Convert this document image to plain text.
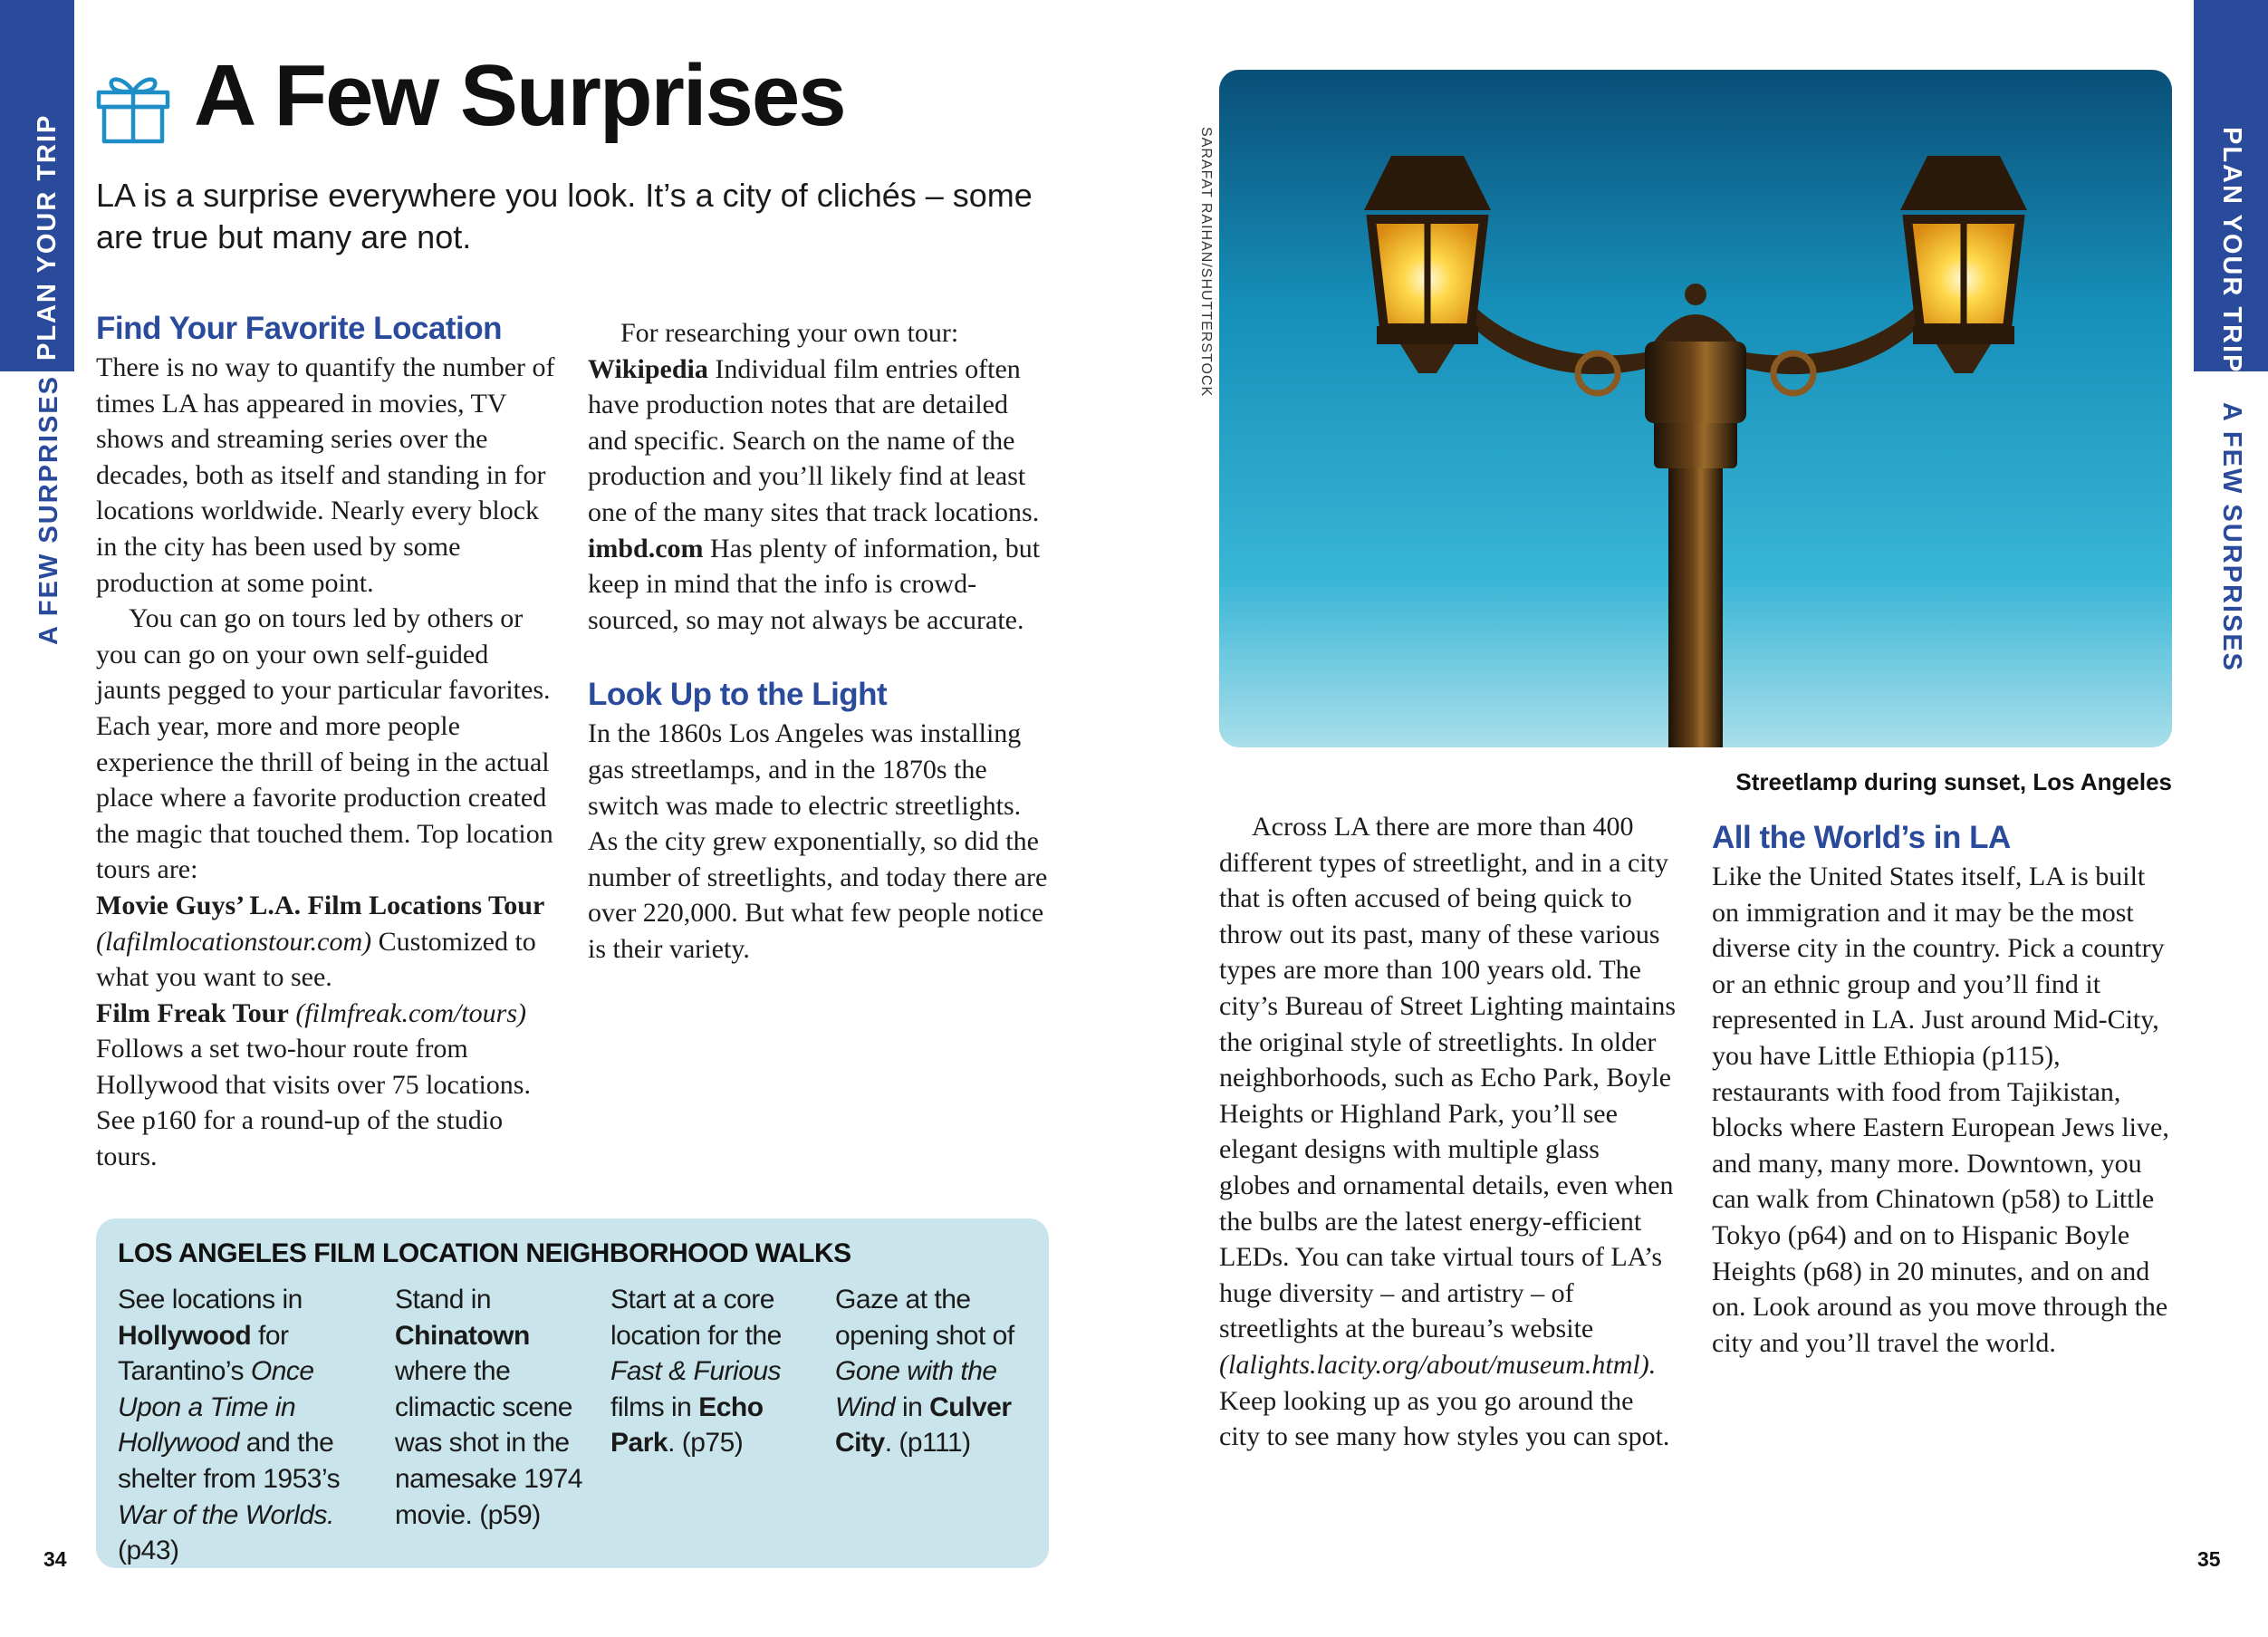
PLAN YOUR TRIP
A FEW SURPRISES
PLAN YOUR TRIP
A FEW SURPRISES
A Few Surprises
LA is a surprise everywhere you look. It’s a city of clichés – some are true but many are not.
Find Your Favorite Location

There is no way to quantify the number of times LA has appeared in movies, TV shows and streaming series over the decades, both as itself and standing in for locations worldwide. Nearly every block in the city has been used by some production at some point.

You can go on tours led by others or you can go on your own self-guided jaunts pegged to your particular favorites. Each year, more and more people experience the thrill of being in the actual place where a favorite production created the magic that touched them. Top location tours are:

Movie Guys’ L.A. Film Locations Tour (lafilmlocationstour.com) Customized to what you want to see.

Film Freak Tour (filmfreak.com/tours) Follows a set two-hour route from Hollywood that visits over 75 locations. See p160 for a round-up of the studio tours.

For researching your own tour:

Wikipedia Individual film entries often have production notes that are detailed and specific. Search on the name of the production and you’ll likely find at least one of the many sites that track locations.

imbd.com Has plenty of information, but keep in mind that the info is crowd-sourced, so may not always be accurate.

Look Up to the Light

In the 1860s Los Angeles was installing gas streetlamps, and in the 1870s the switch was made to electric streetlights. As the city grew exponentially, so did the number of streetlights, and today there are over 220,000. But what few people notice is their variety.

LOS ANGELES FILM LOCATION NEIGHBORHOOD WALKS
See locations in Hollywood for Tarantino’s Once Upon a Time in Hollywood and the shelter from 1953’s War of the Worlds. (p43)
Stand in Chinatown where the climactic scene was shot in the namesake 1974 movie. (p59)
Start at a core location for the Fast & Furious films in Echo Park. (p75)
Gaze at the opening shot of Gone with the Wind in Culver City. (p111)
34	35
SARAFAT RAIHAN/SHUTTERSTOCK
Streetlamp during sunset, Los Angeles

Across LA there are more than 400 different types of streetlight, and in a city that is often accused of being quick to throw out its past, many of these various types are more than 100 years old. The city’s Bureau of Street Lighting maintains the original style of streetlights. In older neighborhoods, such as Echo Park, Boyle Heights or Highland Park, you’ll see elegant designs with multiple glass globes and ornamental details, even when the bulbs are the latest energy-efficient LEDs. You can take virtual tours of LA’s huge diversity – and artistry – of streetlights at the bureau’s website (lalights.lacity.org/about/museum.html). Keep looking up as you go around the city to see many how styles you can spot.

All the World’s in LA

Like the United States itself, LA is built on immigration and it may be the most diverse city in the country. Pick a country or an ethnic group and you’ll find it represented in LA. Just around Mid-City, you have Little Ethiopia (p115), restaurants with food from Tajikistan, blocks where Eastern European Jews live, and many, many more. Downtown, you can walk from Chinatown (p58) to Little Tokyo (p64) and on to Hispanic Boyle Heights (p68) in 20 minutes, and on and on. Look around as you move through the city and you’ll travel the world.
